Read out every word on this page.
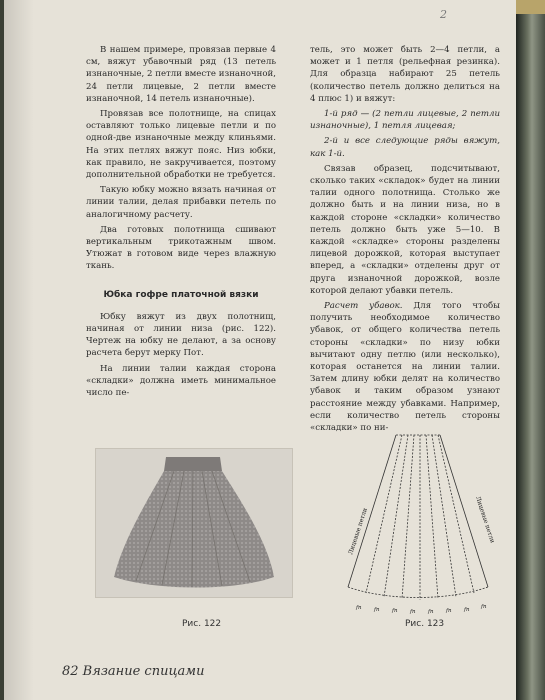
2

В нашем примере, провязав первые 4 см, вяжут убавочный ряд (13 петель изнаночные, 2 петли вместе изнаночной, 24 петли лицевые, 2 петли вместе изнаночной, 14 петель изнаночные).

Провязав все полотнище, на спицах оставляют только лицевые петли и по одной-две изнаночные между клиньями. На этих петлях вяжут пояс. Низ юбки, как правило, не закручивается, поэтому дополнительной обработки не требуется.

Такую юбку можно вязать начиная от линии талии, делая прибавки петель по аналогичному расчету.

Два готовых полотнища сшивают вертикальным трикотажным швом. Утюжат в готовом виде через влажную ткань.

Юбка гофре платочной вязки

Юбку вяжут из двух полотнищ, начиная от линии низа (рис. 122). Чертеж на юбку не делают, а за основу расчета берут мерку Пот.

На линии талии каждая сторона «складки» должна иметь минимальное число пе-

тель, это может быть 2—4 петли, а может и 1 петля (рельефная резинка). Для образца набирают 25 петель (количество петель должно делиться на 4 плюс 1) и вяжут:

1-й ряд — (2 петли лицевые, 2 петли изнаночные), 1 петля лицевая;

2-й и все следующие ряды вяжут, как 1-й.

Связав образец, подсчитывают, сколько таких «складок» будет на линии талии одного полотнища. Столько же должно быть и на линии низа, но в каждой стороне «складки» количество петель должно быть уже 5—10. В каждой «складке» стороны разделены лицевой дорожкой, которая выступает вперед, а «складки» отделены друг от друга изнаночной дорожкой, возле которой делают убавки петель.

Расчет убавок. Для того чтобы получить необходимое количество убавок, от общего количества петель стороны «складки» по низу юбки вычитают одну петлю (или несколько), которая останется на линии талии. Затем длину юбки делят на количество убавок и таким образом узнают расстояние между убавками. Например, если количество петель стороны «складки» по ни-

Лицевые петли	Лицевые петли
fп fп fп fп fп fп fп fп
Рис. 122	Рис. 123
82 Вязание спицами
